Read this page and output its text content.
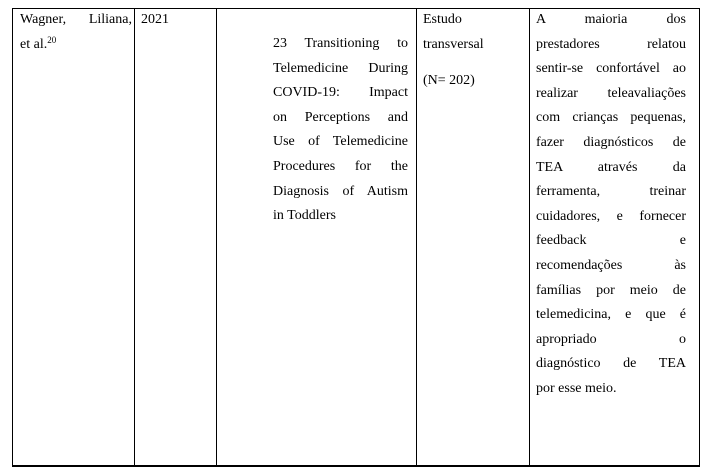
Wagner, Liliana,
et al.$^{20}$
2021
23 Transitioning to
Telemedicine During
COVID-19: Impact
on Perceptions and
Use of Telemedicine
Procedures for the
Diagnosis of Autism
in Toddlers
Estudo
transversal
(N= 202)
A maioria dos
prestadores relatou
sentir-se confortável ao
realizar teleavaliações
com crianças pequenas,
fazer diagnósticos de
TEA através da
ferramenta, treinar
cuidadores, e fornecer
feedback e
recomendações às
famílias por meio de
telemedicina, e que é
apropriado o
diagnóstico de TEA
por esse meio.
